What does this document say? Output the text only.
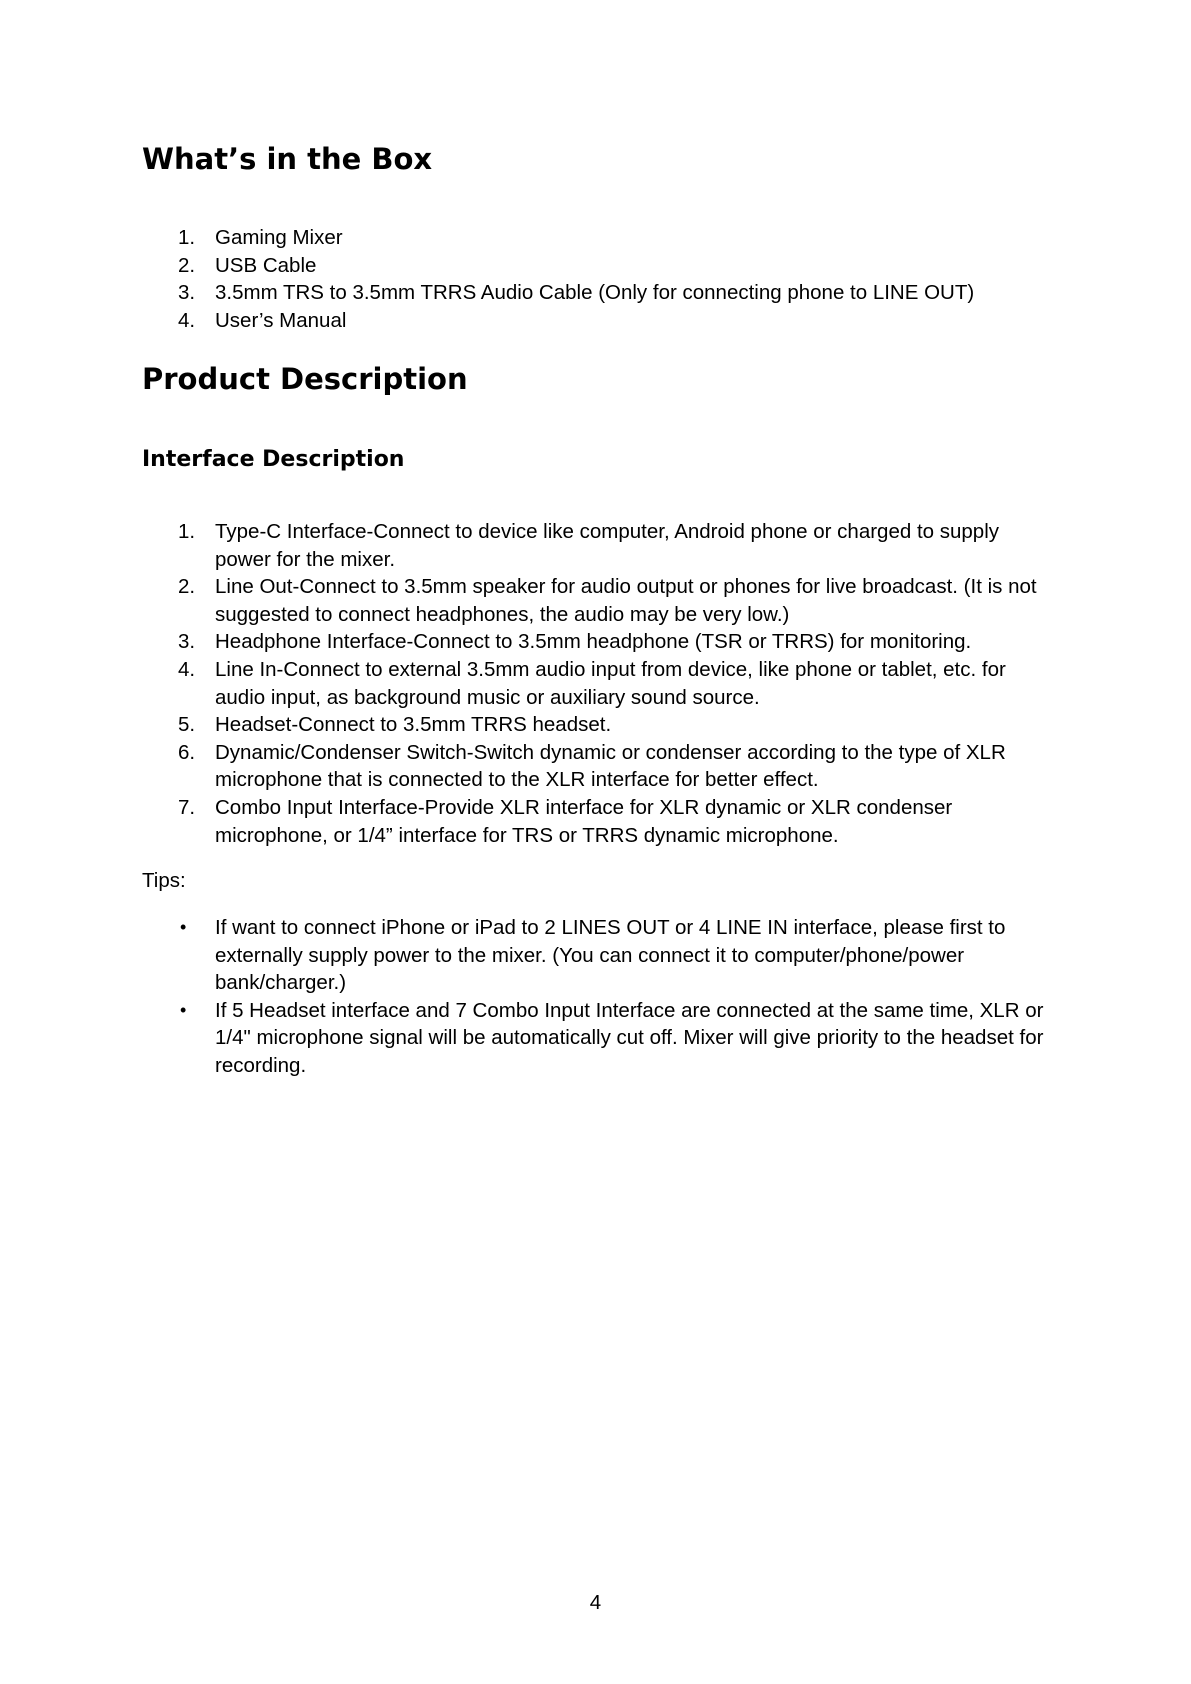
What’s in the Box
1. Gaming Mixer
2. USB Cable
3. 3.5mm TRS to 3.5mm TRRS Audio Cable (Only for connecting phone to LINE OUT)
4. User’s Manual
Product Description
Interface Description
1. Type-C Interface-Connect to device like computer, Android phone or charged to supply power for the mixer.
2. Line Out-Connect to 3.5mm speaker for audio output or phones for live broadcast. (It is not suggested to connect headphones, the audio may be very low.)
3. Headphone Interface-Connect to 3.5mm headphone (TSR or TRRS) for monitoring.
4. Line In-Connect to external 3.5mm audio input from device, like phone or tablet, etc. for audio input, as background music or auxiliary sound source.
5. Headset-Connect to 3.5mm TRRS headset.
6. Dynamic/Condenser Switch-Switch dynamic or condenser according to the type of XLR microphone that is connected to the XLR interface for better effect.
7. Combo Input Interface-Provide XLR interface for XLR dynamic or XLR condenser microphone, or 1/4” interface for TRS or TRRS dynamic microphone.
Tips:
• If want to connect iPhone or iPad to 2 LINES OUT or 4 LINE IN interface, please first to externally supply power to the mixer. (You can connect it to computer/phone/power bank/charger.)
• If 5 Headset interface and 7 Combo Input Interface are connected at the same time, XLR or 1/4" microphone signal will be automatically cut off. Mixer will give priority to the headset for recording.
4
